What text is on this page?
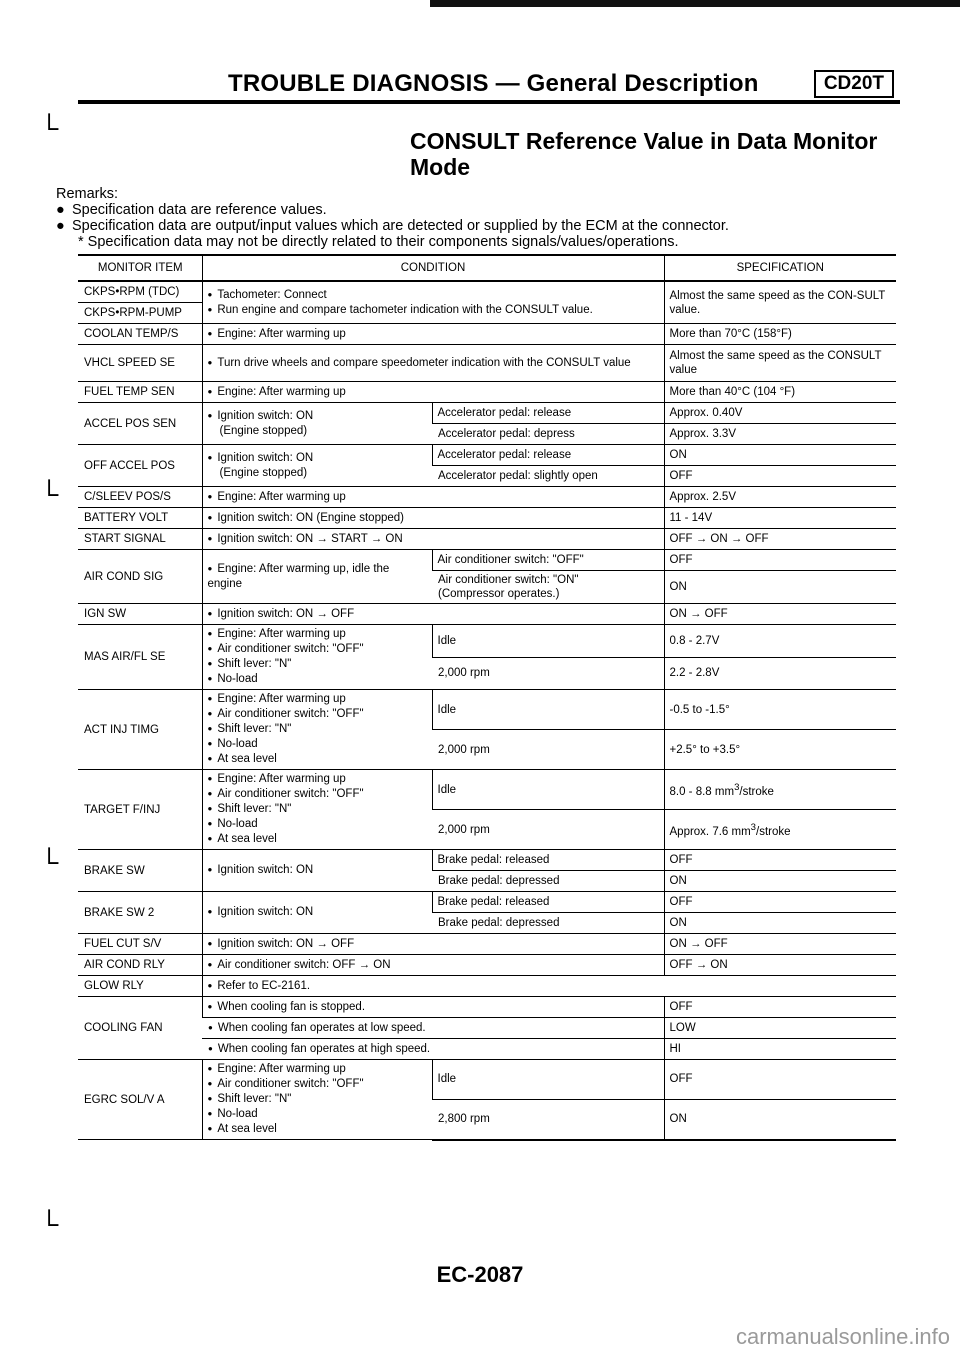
TROUBLE DIAGNOSIS — General Description	CD20T
└
└
└
└
CONSULT Reference Value in Data Monitor Mode
Remarks:
● Specification data are reference values.
● Specification data are output/input values which are detected or supplied by the ECM at the connector.
* Specification data may not be directly related to their components signals/values/operations.
MONITOR ITEM	CONDITION		SPECIFICATION
CKPS•RPM (TDC)	● Tachometer: Connect
● Run engine and compare tachometer indication with the CONSULT value.		Almost the same speed as the CON-SULT value.
CKPS•RPM-PUMP			
COOLAN TEMP/S	● Engine: After warming up		More than 70°C (158°F)
VHCL SPEED SE	● Turn drive wheels and compare speedometer indication with the CONSULT value		Almost the same speed as the CONSULT value
FUEL TEMP SEN	● Engine: After warming up		More than 40°C (104 °F)
ACCEL POS SEN	● Ignition switch: ON
(Engine stopped)	Accelerator pedal: release	Approx. 0.40V
		Accelerator pedal: depress	Approx. 3.3V
OFF ACCEL POS	● Ignition switch: ON
(Engine stopped)	Accelerator pedal: release	ON
		Accelerator pedal: slightly open	OFF
C/SLEEV POS/S	● Engine: After warming up		Approx. 2.5V
BATTERY VOLT	● Ignition switch: ON (Engine stopped)		11 - 14V
START SIGNAL	● Ignition switch: ON → START → ON		OFF → ON → OFF
AIR COND SIG	● Engine: After warming up, idle the engine	Air conditioner switch: "OFF"	OFF

		Air conditioner switch: "ON"
(Compressor operates.)	ON
IGN SW	● Ignition switch: ON → OFF		ON → OFF
MAS AIR/FL SE	● Engine: After warming up
● Air conditioner switch: "OFF"
● Shift lever: "N"
● No-load	Idle	0.8 - 2.7V
		2,000 rpm	2.2 - 2.8V
ACT INJ TIMG	● Engine: After warming up
● Air conditioner switch: "OFF"
● Shift lever: "N"
● No-load
● At sea level	Idle	-0.5 to -1.5°
		2,000 rpm	+2.5° to +3.5°
TARGET F/INJ	● Engine: After warming up
● Air conditioner switch: "OFF"
● Shift lever: "N"
● No-load
● At sea level	Idle	8.0 - 8.8 $mm^3$/stroke
		2,000 rpm	Approx. 7.6 $mm^3$/stroke
BRAKE SW	● Ignition switch: ON	Brake pedal: released	OFF
		Brake pedal: depressed	ON
BRAKE SW 2	● Ignition switch: ON	Brake pedal: released	OFF
		Brake pedal: depressed	ON
FUEL CUT S/V	● Ignition switch: ON → OFF		ON → OFF
AIR COND RLY	● Air conditioner switch: OFF → ON		OFF → ON
GLOW RLY	● Refer to EC-2161.
COOLING FAN	● When cooling fan is stopped.		OFF
	● When cooling fan operates at low speed.		LOW
	● When cooling fan operates at high speed.		HI
EGRC SOL/V A	● Engine: After warming up
● Air conditioner switch: "OFF"
● Shift lever: "N"
● No-load
● At sea level	Idle	OFF
		2,800 rpm	ON
EC-2087
carmanualsonline.info
